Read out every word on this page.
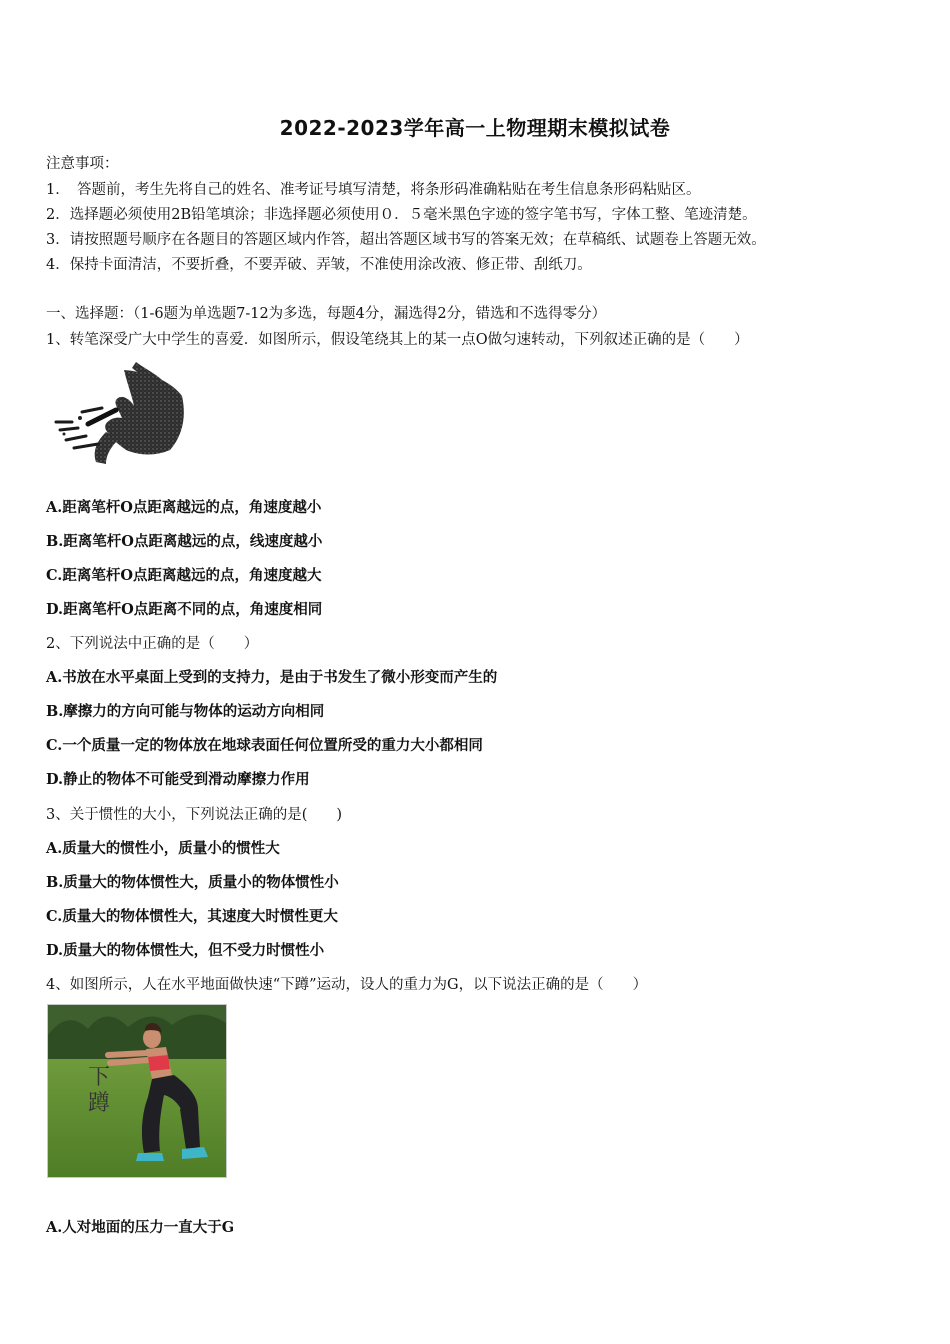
2022-2023学年高一上物理期末模拟试卷
注意事项：
1．　答题前，考生先将自己的姓名、准考证号填写清楚，将条形码准确粘贴在考生信息条形码粘贴区。
2．选择题必须使用2B铅笔填涂；非选择题必须使用０．５毫米黑色字迹的签字笔书写，字体工整、笔迹清楚。
3．请按照题号顺序在各题目的答题区域内作答，超出答题区域书写的答案无效；在草稿纸、试题卷上答题无效。
4．保持卡面清洁，不要折叠，不要弄破、弄皱，不准使用涂改液、修正带、刮纸刀。
一、选择题：（1-6题为单选题7-12为多选，每题4分，漏选得2分，错选和不选得零分）
1、转笔深受广大中学生的喜爱．如图所示，假设笔绕其上的某一点O做匀速转动，下列叙述正确的是（　　）
A.距离笔杆O点距离越远的点，角速度越小
B.距离笔杆O点距离越远的点，线速度越小
C.距离笔杆O点距离越远的点，角速度越大
D.距离笔杆O点距离不同的点，角速度相同
2、下列说法中正确的是（　　）
A.书放在水平桌面上受到的支持力，是由于书发生了微小形变而产生的
B.摩擦力的方向可能与物体的运动方向相同
C.一个质量一定的物体放在地球表面任何位置所受的重力大小都相同
D.静止的物体不可能受到滑动摩擦力作用
3、关于惯性的大小，下列说法正确的是(　　)
A.质量大的惯性小，质量小的惯性大
B.质量大的物体惯性大，质量小的物体惯性小
C.质量大的物体惯性大，其速度大时惯性更大
D.质量大的物体惯性大，但不受力时惯性小
4、如图所示，人在水平地面做快速“下蹲”运动，设人的重力为G，以下说法正确的是（　　）
下蹲
A.人对地面的压力一直大于G
